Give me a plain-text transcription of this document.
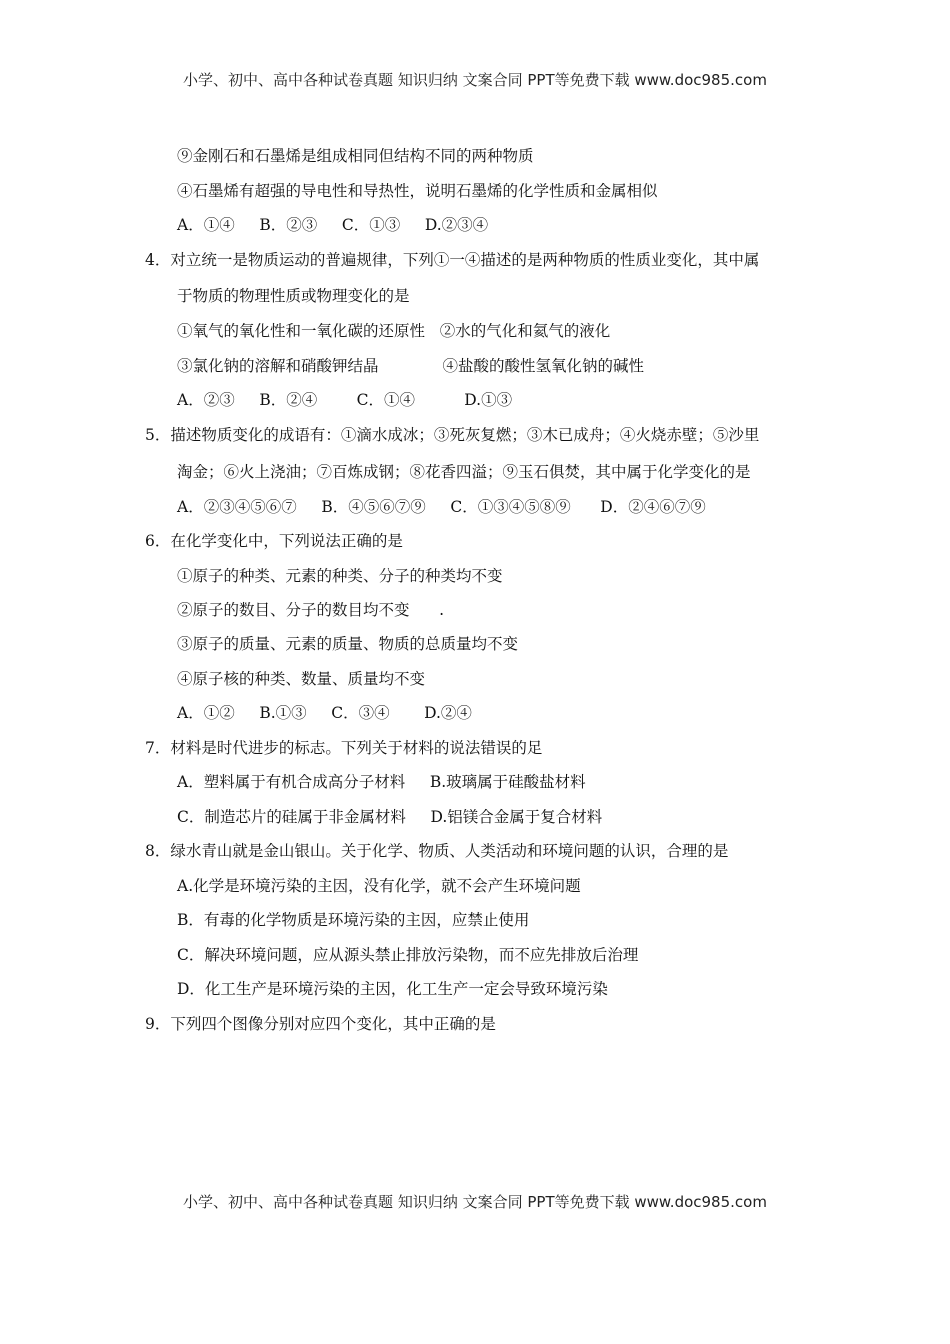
小学、初中、高中各种试卷真题 知识归纳 文案合同 PPT等免费下载 www.doc985.com
⑨金刚石和石墨烯是组成相同但结构不同的两种物质
④石墨烯有超强的导电性和导热性，说明石墨烯的化学性质和金属相似
A．①④     B．②③     C．①③     D.②③④
4．对立统一是物质运动的普遍规律，下列①一④描述的是两种物质的性质业变化，其中属
于物质的物理性质或物理变化的是
①氧气的氧化性和一氧化碳的还原性   ②水的气化和氦气的液化
③氯化钠的溶解和硝酸钾结晶             ④盐酸的酸性氢氧化钠的碱性
A．②③     B．②④        C．①④          D.①③
5．描述物质变化的成语有：①滴水成冰；③死灰复燃；③木已成舟；④火烧赤壁；⑤沙里
淘金；⑥火上浇油；⑦百炼成钢；⑧花香四溢；⑨玉石俱焚，其中属于化学变化的是
A．②③④⑤⑥⑦     B．④⑤⑥⑦⑨     C．①③④⑤⑧⑨      D．②④⑥⑦⑨
6．在化学变化中，下列说法正确的是
①原子的种类、元素的种类、分子的种类均不变
②原子的数目、分子的数目均不变      .
③原子的质量、元素的质量、物质的总质量均不变
④原子核的种类、数量、质量均不变
A．①②     B.①③     C．③④       D.②④
7．材料是时代进步的标志。下列关于材料的说法错误的足
A．塑料属于有机合成高分子材料     B.玻璃属于硅酸盐材料
C．制造芯片的硅属于非金属材料     D.铝镁合金属于复合材料
8．绿水青山就是金山银山。关于化学、物质、人类活动和环境问题的认识，合理的是
A.化学是环境污染的主因，没有化学，就不会产生环境问题
B．有毒的化学物质是环境污染的主因，应禁止使用
C．解决环境问题，应从源头禁止排放污染物，而不应先排放后治理
D．化工生产是环境污染的主因，化工生产一定会导致环境污染
9．下列四个图像分别对应四个变化，其中正确的是
小学、初中、高中各种试卷真题 知识归纳 文案合同 PPT等免费下载 www.doc985.com
